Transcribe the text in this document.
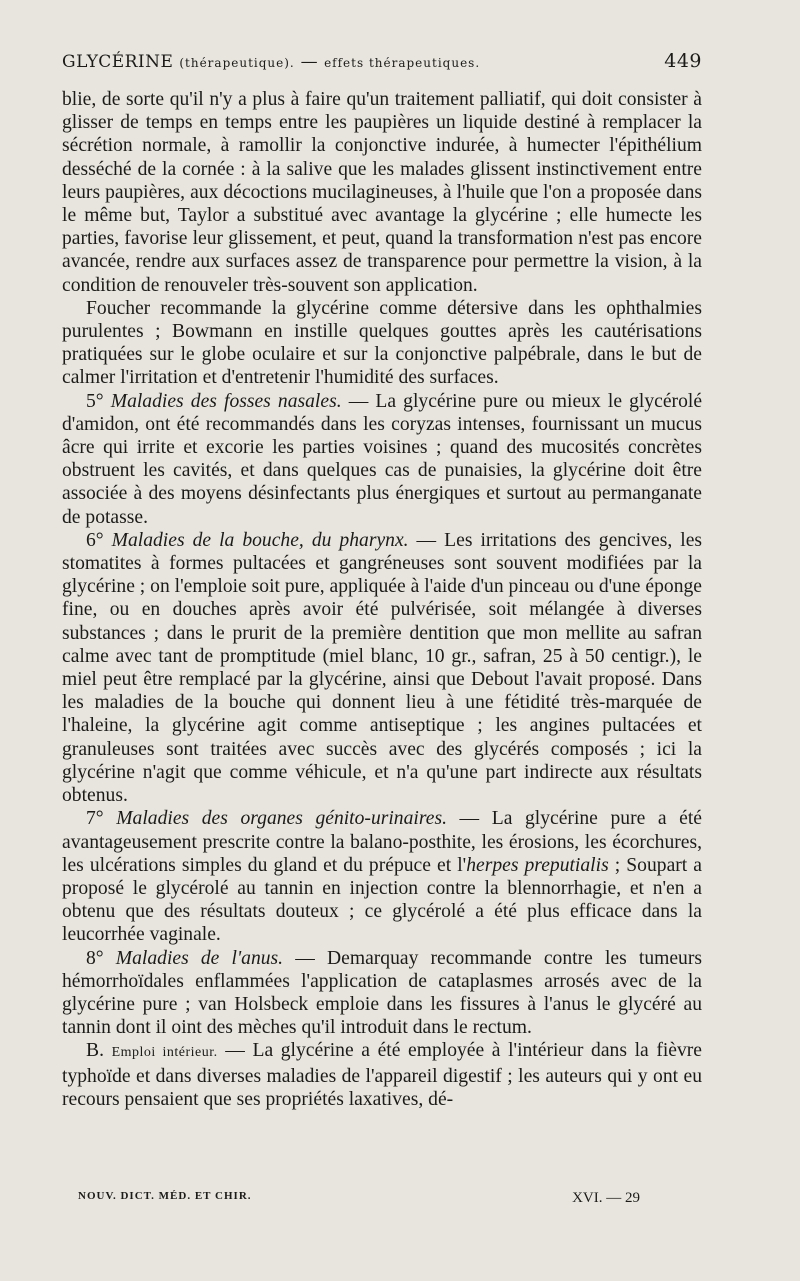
GLYCÉRINE (thérapeutique). — effets thérapeutiques.	449

blie, de sorte qu'il n'y a plus à faire qu'un traitement palliatif, qui doit consister à glisser de temps en temps entre les paupières un liquide destiné à remplacer la sécrétion normale, à ramollir la conjonctive indurée, à humecter l'épithélium desséché de la cornée : à la salive que les malades glissent instinctivement entre leurs paupières, aux décoctions mucilagineuses, à l'huile que l'on a proposée dans le même but, Taylor a substitué avec avantage la glycérine ; elle humecte les parties, favorise leur glissement, et peut, quand la transformation n'est pas encore avancée, rendre aux surfaces assez de transparence pour permettre la vision, à la condition de renouveler très-souvent son application.

Foucher recommande la glycérine comme détersive dans les ophthalmies purulentes ; Bowmann en instille quelques gouttes après les cautérisations pratiquées sur le globe oculaire et sur la conjonctive palpébrale, dans le but de calmer l'irritation et d'entretenir l'humidité des surfaces.

5° Maladies des fosses nasales. — La glycérine pure ou mieux le glycérolé d'amidon, ont été recommandés dans les coryzas intenses, fournissant un mucus âcre qui irrite et excorie les parties voisines ; quand des mucosités concrètes obstruent les cavités, et dans quelques cas de punaisies, la glycérine doit être associée à des moyens désinfectants plus énergiques et surtout au permanganate de potasse.

6° Maladies de la bouche, du pharynx. — Les irritations des gencives, les stomatites à formes pultacées et gangréneuses sont souvent modifiées par la glycérine ; on l'emploie soit pure, appliquée à l'aide d'un pinceau ou d'une éponge fine, ou en douches après avoir été pulvérisée, soit mélangée à diverses substances ; dans le prurit de la première dentition que mon mellite au safran calme avec tant de promptitude (miel blanc, 10 gr., safran, 25 à 50 centigr.), le miel peut être remplacé par la glycérine, ainsi que Debout l'avait proposé. Dans les maladies de la bouche qui donnent lieu à une fétidité très-marquée de l'haleine, la glycérine agit comme antiseptique ; les angines pultacées et granuleuses sont traitées avec succès avec des glycérés composés ; ici la glycérine n'agit que comme véhicule, et n'a qu'une part indirecte aux résultats obtenus.

7° Maladies des organes génito-urinaires. — La glycérine pure a été avantageusement prescrite contre la balano-posthite, les érosions, les écorchures, les ulcérations simples du gland et du prépuce et l'herpes preputialis ; Soupart a proposé le glycérolé au tannin en injection contre la blennorrhagie, et n'en a obtenu que des résultats douteux ; ce glycérolé a été plus efficace dans la leucorrhée vaginale.

8° Maladies de l'anus. — Demarquay recommande contre les tumeurs hémorrhoïdales enflammées l'application de cataplasmes arrosés avec de la glycérine pure ; van Holsbeck emploie dans les fissures à l'anus le glycéré au tannin dont il oint des mèches qu'il introduit dans le rectum.

B. Emploi intérieur. — La glycérine a été employée à l'intérieur dans la fièvre typhoïde et dans diverses maladies de l'appareil digestif ; les auteurs qui y ont eu recours pensaient que ses propriétés laxatives, dé-

NOUV. DICT. MÉD. ET CHIR.	XVI. — 29
